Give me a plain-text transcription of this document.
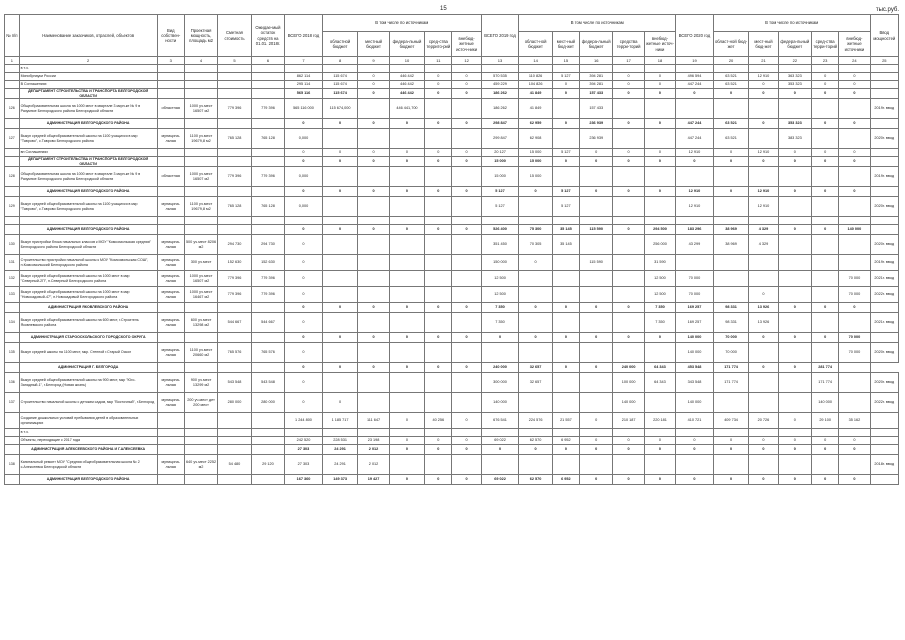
15	тыс.руб.
№ п/п	Наименование заказчиков, отраслей, объектов	Вид собствен-ности	Проектная мощность, площадь м2	Сметная стоимость	Ожидае-мый остаток средств на 01.01. 2018г.	ВСЕГО 2018 год	В том числе по источникам					ВСЕГО 2019 год	В том числе по источникам					ВСЕГО 2020 год	В том числе по источникам					Ввод мощностей
							областной бюджет	местный бюджет	федера-льный бюджет	сред-ства террито-рий	внебюд-жетные источ-ники		област-ной бюджет	мест-ный бюд-жет	федера-льный бюджет	средства терри-торий	внебюд-жетные источ-ники		област-ной бюд-жет	мест-ный бюд-жет	федера-льный бюджет	сред-ства терри-торий	внебюд-жетные источники	
1	2	3	4	5	6	7	8	9	10	11	12	13	14	15	16	17	18	19	20	21	22	23	24	25
	в т.ч.																							
	Минобрнауки России					862 114	115 674	0	446 442	0	0	570 535	110 826	5 127	394 281	0	0	496 594	63 521	12 910	363 323	0	0	
	В Соглашениях					295 114	115 674	0	446 442	0	0	459 229	104 826	0	394 281	0	0	447 244	63 521	0	353 323	0	0	
	ДЕПАРТАМЕНТ СТРОИТЕЛЬСТВА И ТРАНСПОРТА БЕЛГОРОДСКОЙ ОБЛАСТИ					565 116	115 674	0	446 442	0	0	186 262	41 849	0	157 433	0	0	0	0	0	0	0	0	
126	Общеобразовательная школа на 1000 мест в квартале 3 мкрн-ке № 9 в Разумное Белгородского района Белгородской области	областная	1000 уч.мест 16507 м2	779 396	779 396	565 116 000	115 674,000		446 441,700			186 262	41 849		157 433									2019г. ввод
	АДМИНИСТРАЦИЯ БЕЛГОРОДСКОГО РАЙОНА					0	0	0	0	0	0	298 847	62 959	0	236 939	0	0	447 244	63 521	0	353 323	0	0	
127	Выкуп средней общеобразовательной школы на 1100 учащихся в мкр "Таврово", с.Таврово Белгородского района	муниципа-льная	1100 уч.мест 19679,8 м2	765 128	765 128	0,000						299 847	62 908		236 939			447 244	63 521		383 323			2020г. ввод
	вн Соглашениях					0	0	0	0	0	0	20 127	15 000	5 127	0	0	0	12 910	0	12 910	0	0	0	
	ДЕПАРТАМЕНТ СТРОИТЕЛЬСТВА И ТРАНСПОРТА БЕЛГОРОДСКОЙ ОБЛАСТИ					0	0	0	0	0	0	15 000	15 000	0	0	0	0	0	0	0	0	0	0	
128	Общеобразовательная школа на 1000 мест в квартале 3 мкрн-ке № 9 в Разумное Белгородского района Белгородской области	областная	1000 уч.мест 16507 м2	779 396	779 396	0,000						15 000	15 000											2019г. ввод
	АДМИНИСТРАЦИЯ БЕЛГОРОДСКОГО РАЙОНА					0	0	0	0	0	0	5 127	0	5 127	0	0	0	12 910	0	12 910	0	0	0	
129	Выкуп средней общеобразовательной школы на 1100 учащихся в мкр "Таврово", с.Таврово Белгородского района	муниципа-льная	1100 уч.мест 19679,8 м2	765 128	765 128	0,000						5 127		5 127				12 910		12 910				2020г. ввод

	АДМИНИСТРАЦИЯ БЕЛГОРОДСКОГО РАЙОНА					0	0	0	0	0	0	526 400	75 300	35 145	115 590	0	294 500	183 296	38 969	4 329	0	0	140 000	
130	Выкуп пристройки блока начальных классов к МОУ "Комсомольская средняя" Белгородского района Белгородской области	муниципа-льная	500 уч.мест 8206 м2	294 730	294 730	0						351 450	70 305	35 145			256 000	43 299	38 969	4 329				2020г. ввод
131	Строительство пристройки начальной школы к МОУ "Комсомольская СОШ", п.Комсомольский Белгородского района	муниципа-льная	300 уч.мест	152 630	152 630	0						150 000	0		115 590		31 590							2019г. ввод
132	Выкуп средней общеобразовательной школы на 1000 мест в мкр "Северный-2П", п.Северный Белгородского района	муниципа-льная	1000 уч.мест 16507 м2	779 396	779 396	0						12 500					12 500	70 000					70 000	2021г. ввод
133	Выкуп средней общеобразовательной школы на 1000 мест в мкр "Новосадовый-47", п.Новосадовый Белгородского района	муниципа-льная	1000 уч.мест 16467 м2	779 396	779 396	0						12 500					12 500	70 000		0			70 000	2022г. ввод
	АДМИНИСТРАЦИЯ ЯКОВЛЕВСКОГО РАЙОНА					0	0	0	0	0	0	7 350	0	0	0	0	7 350	169 257	98 331	13 926	0	0	0	
134	Выкуп средней общеобразовательной школы на 600 мест, г.Строитель Яковлевского района	муниципа-льная	600 уч.мест 13298 м2	544 667	544 667	0						7 350					7 350	169 257	98 331	13 926				2021г. ввод
	АДМИНИСТРАЦИЯ СТАРООСКОЛЬСКОГО ГОРОДСКОГО ОКРУГА					0	0	0	0	0	0	0	0	0	0	0	0	140 000	70 000	0	0	0	70 000	
135	Выкуп средней школы на 1100 мест, мкр. Степной г.Старый Оскол	муниципа-льная	1100 уч.мест 20660 м2	765 576	765 576	0												140 000	70 000				70 000	2020г. ввод
	АДМИНИСТРАЦИЯ Г. БЕЛГОРОДА					0	0	0	0	0	0	240 000	32 657	0	0	240 000	64 343	453 548	171 774	0	0	281 774		
136	Выкуп средней общеобразовательной школы на 900 мест, мкр "Юго-Западный-1", г.Белгород (Новая жизнь)	муниципа-льная	900 уч.мест 13299 м2	543 548	543 548	0						300 000	32 657			100 000	64 343	343 548	171 774			171 774		2020г. ввод
137	Строительство начальной школы с детским садом, мкр "Восточный", г.Белгород	муниципа-льная	200 уч.мест дет 200 мест	280 000	280 000	0	0					140 000				140 000		140 000				140 000		2022г. ввод
	Создание дошкольных условий пребывания детей в образовательных организациях					1 244 800	1 185 717	111 647	0	40 256	0	676 541	224 576	21 557	0	210 187	220 181	410 721	409 734	20 726	0	29 100	35 162	
	в т.ч.																							
	Объекты, переходящие с 2017 года					242 520	228 531	23 198	0	0	0	69 022	62 570	6 952	0	0	0	0	0	0	0	0	0	
	АДМИНИСТРАЦИЯ АЛЕКСЕЕВСКОГО РАЙОНА И Г.АЛЕКСЕЕВКА					27 303	24 291	2 012	0	0	0	0	0	0	0	0	0	0	0	0	0	0	0	
138	Капитальный ремонт МОУ "Средняя общеобразовательная школа № 2 с.Алексеевка Белгородской области	муниципа-льная	640 уч.мест 2252 м2	54 480	29 120	27 303	24 291	2 012																2018г. ввод
	АДМИНИСТРАЦИЯ БЕЛГОРОДСКОГО РАЙОНА					167 360	149 373	19 427	0	0	0	69 022	62 570	6 952	0	0	0	0	0	0	0	0	0	
